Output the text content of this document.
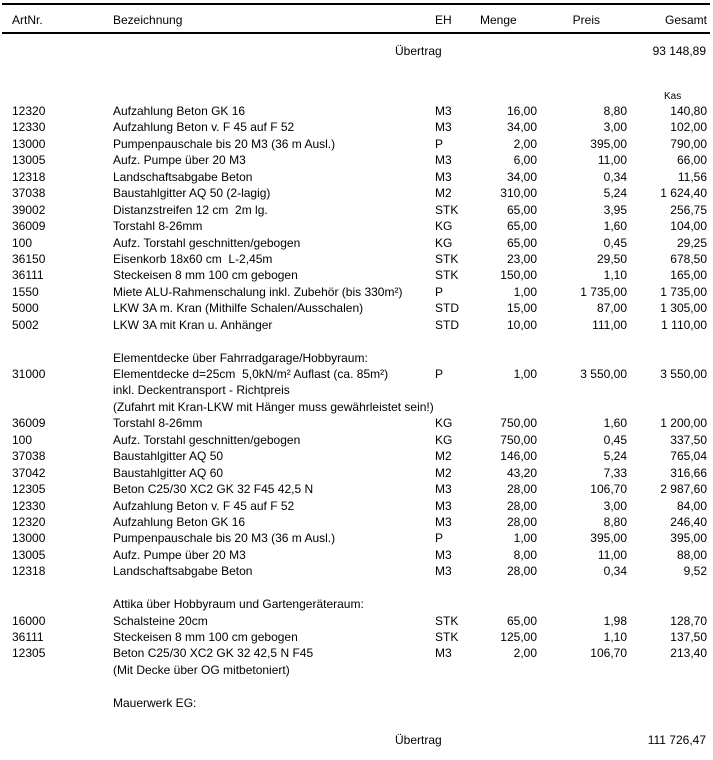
ArtNr.	Bezeichnung	EH	Menge	Preis	Gesamt
Übertrag	93 148,89
Kas
12320	Aufzahlung Beton GK 16	M3	16,00	8,80	140,80
12330	Aufzahlung Beton v. F 45 auf F 52	M3	34,00	3,00	102,00
13000	Pumpenpauschale bis 20 M3 (36 m Ausl.)	P	2,00	395,00	790,00
13005	Aufz. Pumpe über 20 M3	M3	6,00	11,00	66,00
12318	Landschaftsabgabe Beton	M3	34,00	0,34	11,56
37038	Baustahlgitter AQ 50 (2-lagig)	M2	310,00	5,24	1 624,40
39002	Distanzstreifen 12 cm  2m lg.	STK	65,00	3,95	256,75
36009	Torstahl 8-26mm	KG	65,00	1,60	104,00
100	Aufz. Torstahl geschnitten/gebogen	KG	65,00	0,45	29,25
36150	Eisenkorb 18x60 cm  L-2,45m	STK	23,00	29,50	678,50
36111	Steckeisen 8 mm 100 cm gebogen	STK	150,00	1,10	165,00
1550	Miete ALU-Rahmenschalung inkl. Zubehör (bis 330m²)	P	1,00	1 735,00	1 735,00
5000	LKW 3A m. Kran (Mithilfe Schalen/Ausschalen)	STD	15,00	87,00	1 305,00
5002	LKW 3A mit Kran u. Anhänger	STD	10,00	111,00	1 110,00
Elementdecke über Fahrradgarage/Hobbyraum:
31000	Elementdecke d=25cm  5,0kN/m² Auflast (ca. 85m²)	P	1,00	3 550,00	3 550,00
inkl. Deckentransport - Richtpreis
(Zufahrt mit Kran-LKW mit Hänger muss gewährleistet sein!)
36009	Torstahl 8-26mm	KG	750,00	1,60	1 200,00
100	Aufz. Torstahl geschnitten/gebogen	KG	750,00	0,45	337,50
37038	Baustahlgitter AQ 50	M2	146,00	5,24	765,04
37042	Baustahlgitter AQ 60	M2	43,20	7,33	316,66
12305	Beton C25/30 XC2 GK 32 F45 42,5 N	M3	28,00	106,70	2 987,60
12330	Aufzahlung Beton v. F 45 auf F 52	M3	28,00	3,00	84,00
12320	Aufzahlung Beton GK 16	M3	28,00	8,80	246,40
13000	Pumpenpauschale bis 20 M3 (36 m Ausl.)	P	1,00	395,00	395,00
13005	Aufz. Pumpe über 20 M3	M3	8,00	11,00	88,00
12318	Landschaftsabgabe Beton	M3	28,00	0,34	9,52
Attika über Hobbyraum und Gartengeräteraum:
16000	Schalsteine 20cm	STK	65,00	1,98	128,70
36111	Steckeisen 8 mm 100 cm gebogen	STK	125,00	1,10	137,50
12305	Beton C25/30 XC2 GK 32 42,5 N F45	M3	2,00	106,70	213,40
(Mit Decke über OG mitbetoniert)
Mauerwerk EG:
Übertrag	111 726,47
